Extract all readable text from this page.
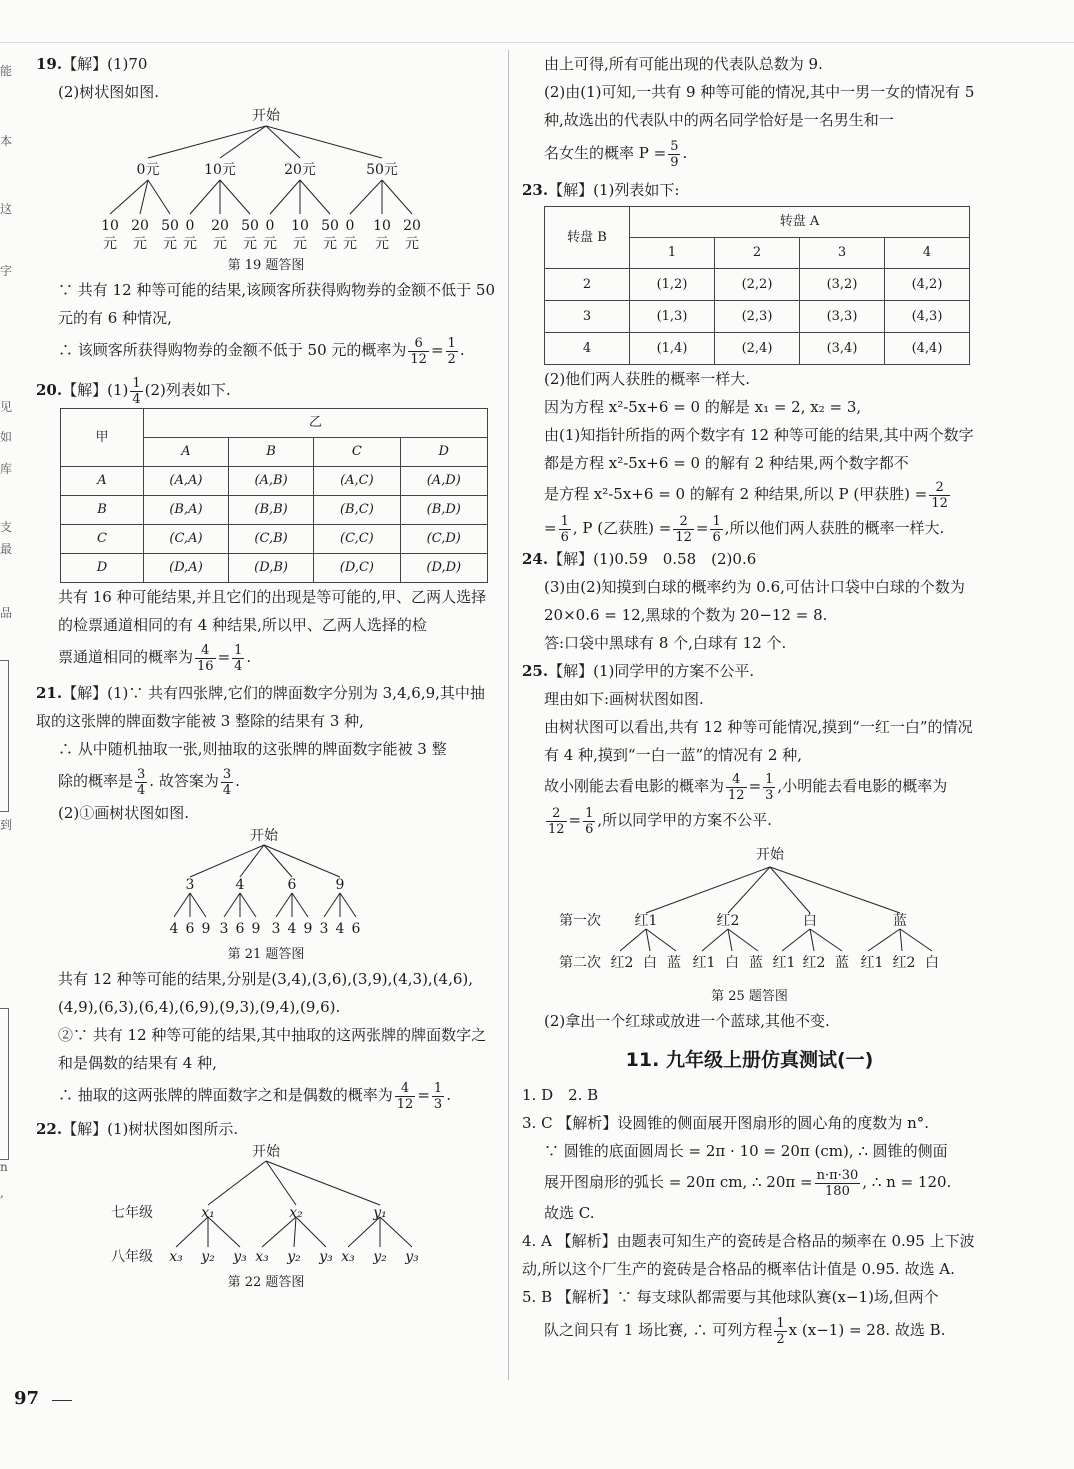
能
本
这
字
见
如
库
支
最
品
到
n
,

19.【解】(1)70

(2)树状图如图.

开始
0元	10元	20元	50元
10 20 50 0 20 50 0 10 50 0 10 20
元 元 元 元 元 元 元 元 元 元 元 元

第 19 题答图

∵ 共有 12 种等可能的结果,该顾客所获得购物券的金额不低于 50 元的有 6 种情况,

∴ 该顾客所获得购物券的金额不低于 50 元的概率为 $\frac{6}{12} = \frac{1}{2}$ .

20.【解】$(1) \frac{1}{4} (2)$列表如下.

甲	乙			
	A	B	C	D
A	(A,A)	(A,B)	(A,C)	(A,D)
B	(B,A)	(B,B)	(B,C)	(B,D)
C	(C,A)	(C,B)	(C,C)	(C,D)
D	(D,A)	(D,B)	(D,C)	(D,D)

共有 16 种可能结果,并且它们的出现是等可能的,甲、乙两人选择的检票通道相同的有 4 种结果,所以甲、乙两人选择的检

票通道相同的概率为 $\frac{4}{16} = \frac{1}{4}$ .

21.【解】(1)∵ 共有四张牌,它们的牌面数字分别为 3,4,6,9,其中抽取的这张牌的牌面数字能被 3 整除的结果有 3 种,

∴ 从中随机抽取一张,则抽取的这张牌的牌面数字能被 3 整

除的概率是 $\frac{3}{4}$ . 故答案为 $\frac{3}{4}$ .

(2)①画树状图如图.

开始
3	4	6	9
4 6 9 3 6 9 3 4 9 3 4 6

第 21 题答图

共有 12 种等可能的结果,分别是(3,4),(3,6),(3,9),(4,3),(4,6),(4,9),(6,3),(6,4),(6,9),(9,3),(9,4),(9,6).

②∵ 共有 12 种等可能的结果,其中抽取的这两张牌的牌面数字之和是偶数的结果有 4 种,

∴ 抽取的这两张牌的牌面数字之和是偶数的概率为 $\frac{4}{12} = \frac{1}{3}$ .

22.【解】(1)树状图如图所示.

开始
七年级
八年级
x₁	x₂	y₁
x₃ y₂ y₃ x₃ y₂ y₃ x₃ y₂ y₃

第 22 题答图

97

由上可得,所有可能出现的代表队总数为 9.

(2)由(1)可知,一共有 9 种等可能的情况,其中一男一女的情况有 5 种,故选出的代表队中的两名同学恰好是一名男生和一

名女生的概率 $P = \frac{5}{9}$ .

23.【解】(1)列表如下:

转盘 B	转盘 A			
	1	2	3	4
2	(1,2)	(2,2)	(3,2)	(4,2)
3	(1,3)	(2,3)	(3,3)	(4,3)
4	(1,4)	(2,4)	(3,4)	(4,4)

(2)他们两人获胜的概率一样大.

因为方程 x²-5x+6 = 0 的解是 x₁ = 2, x₂ = 3,

由(1)知指针所指的两个数字有 12 种等可能的结果,其中两个数字都是方程 x²-5x+6 = 0 的解有 2 种结果,两个数字都不

是方程 x²-5x+6 = 0 的解有 2 种结果,所以 P (甲获胜) = $\frac{2}{12}$

= $\frac{1}{6}$ , P (乙获胜) = $\frac{2}{12} = \frac{1}{6}$ ,所以他们两人获胜的概率一样大.

24.【解】(1)0.59　0.58　(2)0.6

(3)由(2)知摸到白球的概率约为 0.6,可估计口袋中白球的个数为 20×0.6 = 12,黑球的个数为 20−12 = 8.

答:口袋中黑球有 8 个,白球有 12 个.

25.【解】(1)同学甲的方案不公平.

理由如下:画树状图如图.

由树状图可以看出,共有 12 种等可能情况,摸到“一红一白”的情况有 4 种,摸到“一白一蓝”的情况有 2 种,

故小刚能去看电影的概率为 $\frac{4}{12} = \frac{1}{3}$ ,小明能去看电影的概率为

$\frac{2}{12} = \frac{1}{6}$ ,所以同学甲的方案不公平.

开始
第一次
第二次
红1	红2	白	蓝
红2 白 蓝 红1 白 蓝 红1 红2 蓝 红1 红2 白

第 25 题答图

(2)拿出一个红球或放进一个蓝球,其他不变.

11. 九年级上册仿真测试(一)

1. D　2. B

3. C 【解析】设圆锥的侧面展开图扇形的圆心角的度数为 n°.

∵ 圆锥的底面圆周长 = 2π · 10 = 20π (cm), ∴ 圆锥的侧面

展开图扇形的弧长 = 20π cm, ∴ $20\pi = \frac{n\cdot\pi\cdot 30}{180}$ , ∴ n = 120.

故选 C.

4. A 【解析】由题表可知生产的瓷砖是合格品的频率在 0.95 上下波动,所以这个厂生产的瓷砖是合格品的概率估计值是 0.95. 故选 A.

5. B 【解析】∵ 每支球队都需要与其他球队赛(x−1)场,但两个

队之间只有 1 场比赛, ∴ 可列方程 $\frac{1}{2}$ x (x−1) = 28. 故选 B.
